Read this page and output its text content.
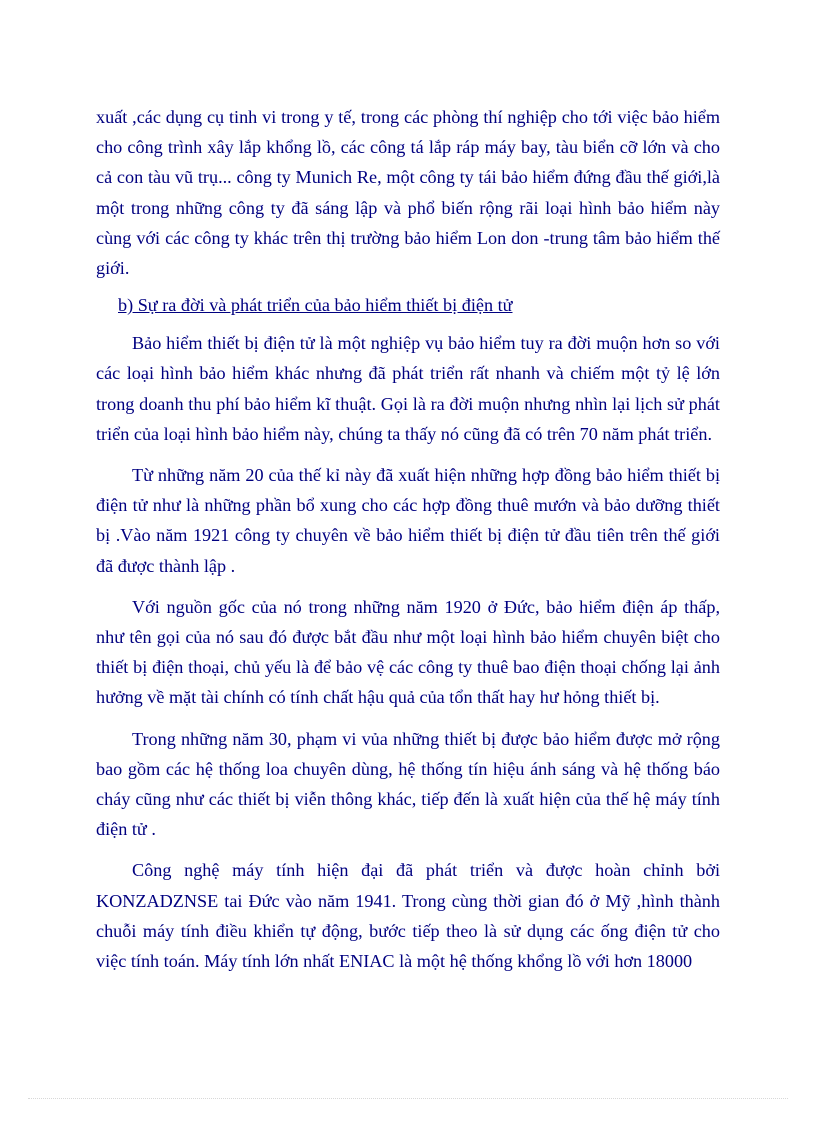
xuất ,các dụng cụ tinh vi trong y tế, trong các phòng thí nghiệp cho tới việc bảo hiểm cho công trình xây lắp khổng lồ, các công tá lắp ráp máy bay, tàu biển cỡ lớn và cho cả con tàu vũ trụ... công ty Munich Re, một công ty tái bảo hiểm đứng đầu thế giới,là một trong những công ty đã sáng lập và phổ biến rộng rãi loại hình bảo hiểm này cùng với các công ty khác trên thị trường bảo hiểm Lon don -trung tâm bảo hiểm thế giới.

b) Sự ra đời và phát triển của bảo hiểm thiết bị điện tử

Bảo hiểm thiết bị điện tử là một nghiệp vụ bảo hiểm tuy ra đời muộn hơn so với các loại hình bảo hiểm khác nhưng đã phát triển rất nhanh và chiếm một tỷ lệ lớn trong doanh thu phí bảo hiểm kĩ thuật. Gọi là ra đời muộn nhưng nhìn lại lịch sử phát triển của loại hình bảo hiểm này, chúng ta thấy nó cũng đã có trên 70 năm phát triển.

Từ những năm 20 của thế kỉ này đã xuất hiện những hợp đồng bảo hiểm thiết bị điện tử như là những phần bổ xung cho các hợp đồng thuê mướn và bảo dưỡng thiết bị .Vào năm 1921 công ty chuyên về bảo hiểm thiết bị điện tử đầu tiên trên thế giới đã được thành lập .

Với nguồn gốc của nó trong những năm 1920 ở Đức, bảo hiểm điện áp thấp, như tên gọi của nó sau đó được bắt đầu như một loại hình bảo hiểm chuyên biệt cho thiết bị điện thoại, chủ yếu là để bảo vệ các công ty thuê bao điện thoại chống lại ảnh hưởng về mặt tài chính có tính chất hậu quả của tổn thất hay hư hỏng thiết bị.

Trong những năm 30, phạm vi vủa những thiết bị được bảo hiểm được mở rộng bao gồm các hệ thống loa chuyên dùng, hệ thống tín hiệu ánh sáng và hệ thống báo cháy cũng như các thiết bị viễn thông khác, tiếp đến là xuất hiện của thế hệ máy tính điện tử .

Công nghệ máy tính hiện đại đã phát triển và được hoàn chỉnh bởi KONZADZNSE tai Đức vào năm 1941. Trong cùng thời gian đó ở Mỹ ,hình thành chuỗi máy tính điều khiển tự động, bước tiếp theo là sử dụng các ống điện tử cho việc tính toán. Máy tính lớn nhất ENIAC là một hệ thống khổng lồ với hơn 18000
